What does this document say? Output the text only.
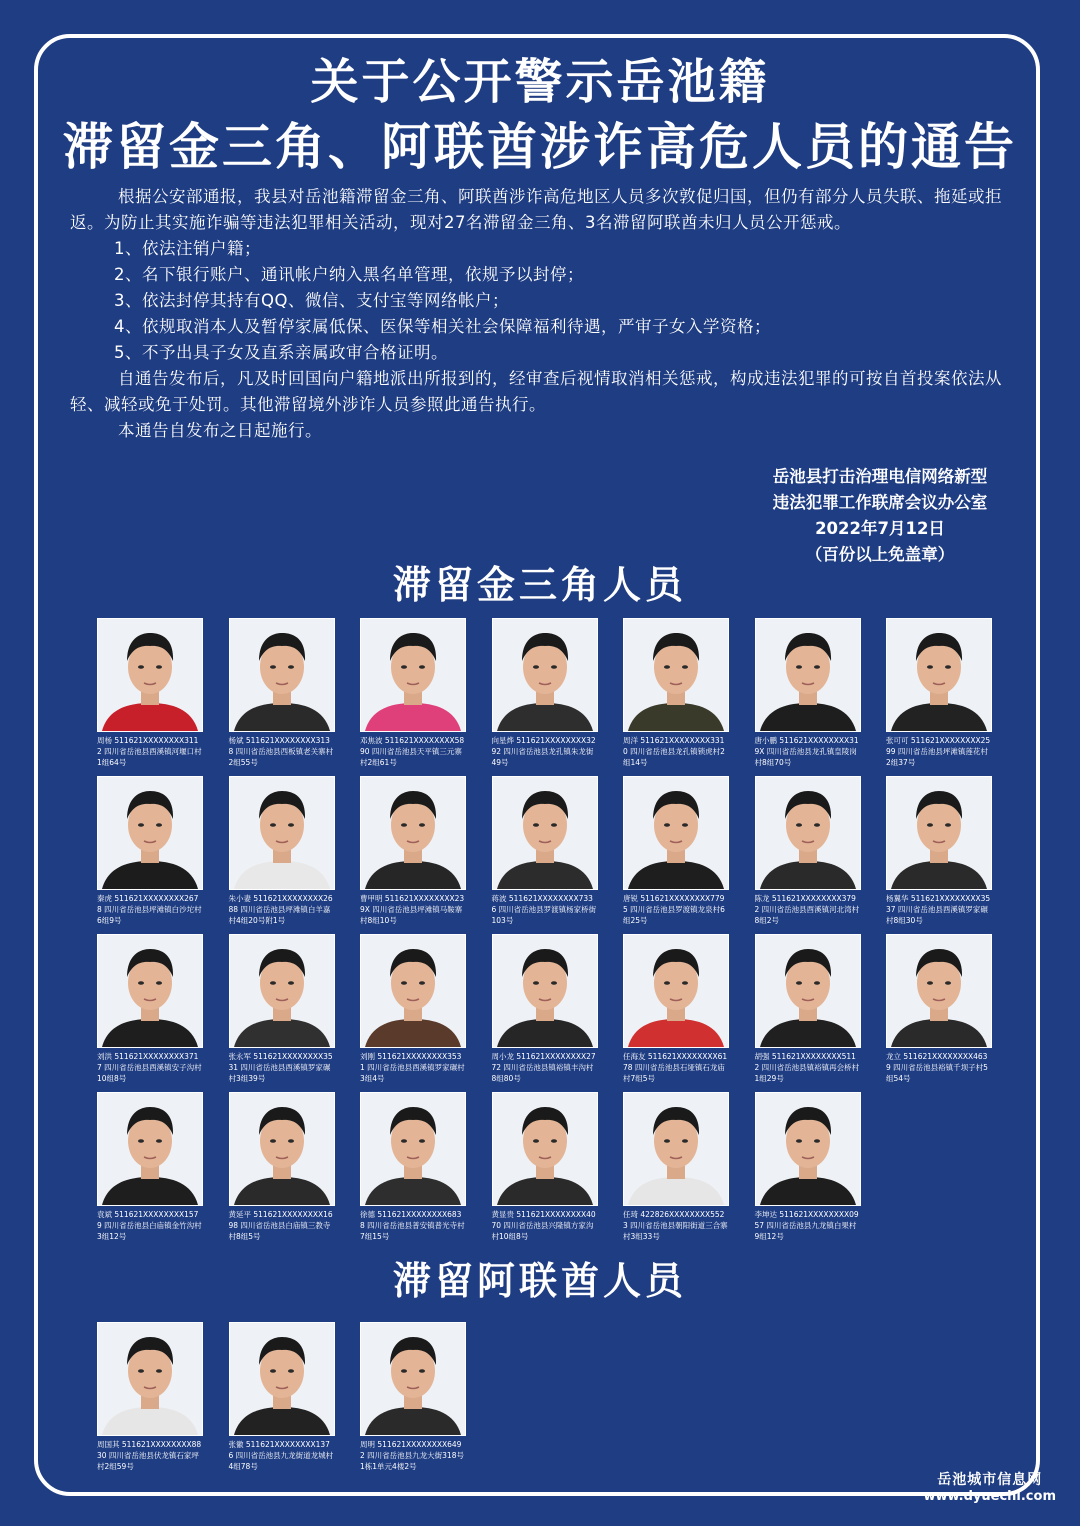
关于公开警示岳池籍
滞留金三角、阿联酋涉诈高危人员的通告

根据公安部通报，我县对岳池籍滞留金三角、阿联酋涉诈高危地区人员多次敦促归国，但仍有部分人员失联、拖延或拒返。为防止其实施诈骗等违法犯罪相关活动，现对27名滞留金三角、3名滞留阿联酋未归人员公开惩戒。

1、依法注销户籍；

2、名下银行账户、通讯帐户纳入黑名单管理，依规予以封停；

3、依法封停其持有QQ、微信、支付宝等网络帐户；

4、依规取消本人及暂停家属低保、医保等相关社会保障福利待遇，严审子女入学资格；

5、不予出具子女及直系亲属政审合格证明。

自通告发布后，凡及时回国向户籍地派出所报到的，经审查后视情取消相关惩戒，构成违法犯罪的可按自首投案依法从轻、减轻或免于处罚。其他滞留境外涉诈人员参照此通告执行。

本通告自发布之日起施行。

岳池县打击治理电信网络新型
违法犯罪工作联席会议办公室
2022年7月12日
（百份以上免盖章）
滞留金三角人员
周杨 511621XXXXXXXX3112 四川省岳池县酉溪镇河堰口村1组64号
杨斌 511621XXXXXXXX3138 四川省岳池县西板镇老关寨村2组55号
邓焦波 511621XXXXXXXX5890 四川省岳池县天平镇三元寨村2组61号
向星烨 511621XXXXXXXX3292 四川省岳池县龙孔镇朱龙街49号
周洋 511621XXXXXXXX3310 四川省岳池县龙孔镇锁虎村2组14号
唐小鹏 511621XXXXXXXX319X 四川省岳池县龙孔镇皇陵岗村8组70号
张可可 511621XXXXXXXX2599 四川省岳池县坪滩镇莲花村2组37号
秦虎 511621XXXXXXXX2678 四川省岳池县坪滩镇白沙坨村6组9号
朱小妻 511621XXXXXXXX2688 四川省岳池县坪滩镇白羊嘉村4组20号附1号
曹甲明 511621XXXXXXXX239X 四川省岳池县坪滩镇马鞍寨村8组10号
蒋波 511621XXXXXXXX7336 四川省岳池县罗渡镇杨家桥街103号
唐锐 511621XXXXXXXX7795 四川省岳池县罗渡镇龙泉村6组25号
陈龙 511621XXXXXXXX3792 四川省岳池县酉溪镇河北湾村8组2号
杨翼华 511621XXXXXXXX3537 四川省岳池县酉溪镇罗家碾村8组30号
刘洪 511621XXXXXXXX3717 四川省岳池县酉溪镇安子沟村10组8号
张永军 511621XXXXXXXX3531 四川省岳池县酉溪镇罗家碾村3组39号
刘刚 511621XXXXXXXX3531 四川省岳池县酉溪镇罗家碾村3组4号
周小龙 511621XXXXXXXX2772 四川省岳池县镇裕镇丰沟村8组80号
任海友 511621XXXXXXXX6178 四川省岳池县石垭镇石龙庙村7组5号
胡强 511621XXXXXXXX5112 四川省岳池县镇裕镇再会桥村1组29号
龙立 511621XXXXXXXX4639 四川省岳池县裕镇千坝子村5组54号
袁斌 511621XXXXXXXX1579 四川省岳池县白庙镇金竹沟村3组12号
黄延平 511621XXXXXXXX1698 四川省岳池县白庙镇三教寺村8组5号
徐德 511621XXXXXXXX6838 四川省岳池县普安镇普光寺村7组15号
黄显贵 511621XXXXXXXX4070 四川省岳池县兴隆镇方家沟村10组8号
任琦 422826XXXXXXXX5523 四川省岳池县朝阳街道三合寨村3组33号
李坤达 511621XXXXXXXX0957 四川省岳池县九龙镇白果村9组12号
滞留阿联酋人员
周国其 511621XXXXXXXX8830 四川省岳池县伏龙镇石家坪村2组59号
张徽 511621XXXXXXXX1376 四川省岳池县九龙街道龙城村4组78号
周明 511621XXXXXXXX6492 四川省岳池县九龙大街318号1栋1单元4楼2号
岳池城市信息网
www.dyuechi.com
